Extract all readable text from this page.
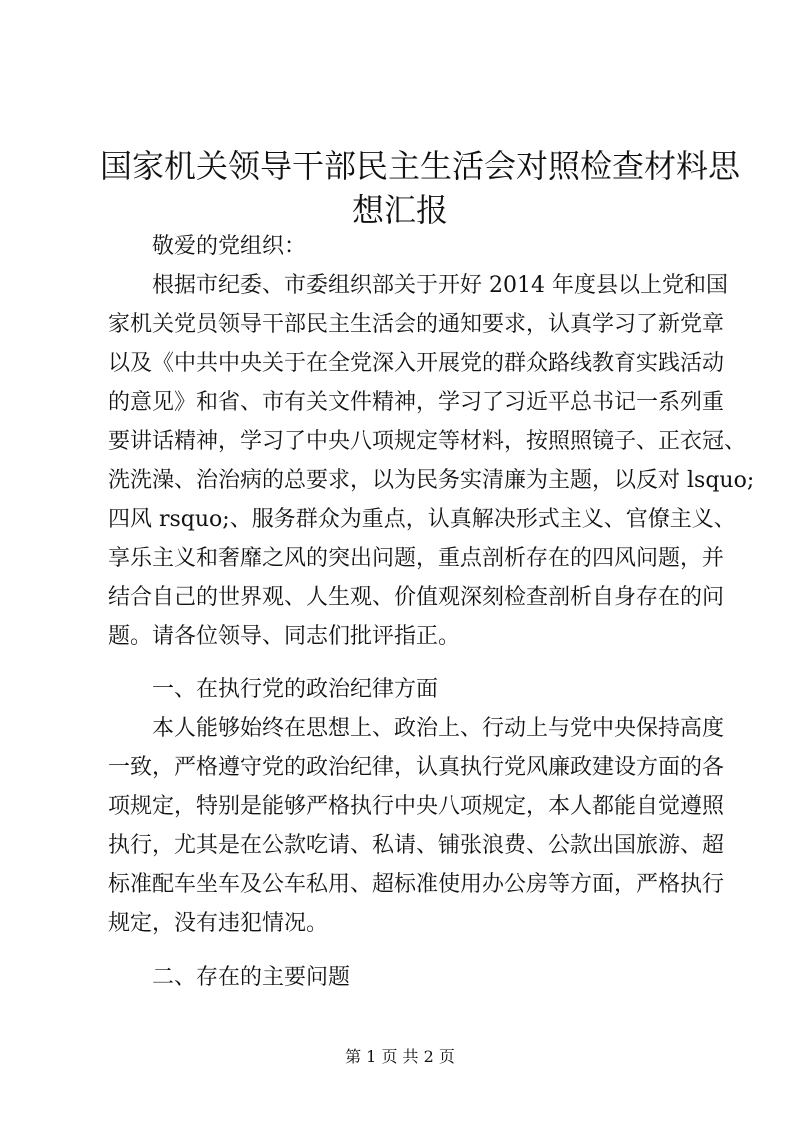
国家机关领导干部民主生活会对照检查材料思
想汇报

敬爱的党组织：

根据市纪委、市委组织部关于开好 2014 年度县以上党和国

家机关党员领导干部民主生活会的通知要求，认真学习了新党章

以及《中共中央关于在全党深入开展党的群众路线教育实践活动

的意见》和省、市有关文件精神，学习了习近平总书记一系列重

要讲话精神，学习了中央八项规定等材料，按照照镜子、正衣冠、

洗洗澡、治治病的总要求，以为民务实清廉为主题，以反对 lsquo;

四风 rsquo;、服务群众为重点，认真解决形式主义、官僚主义、

享乐主义和奢靡之风的突出问题，重点剖析存在的四风问题，并

结合自己的世界观、人生观、价值观深刻检查剖析自身存在的问

题。请各位领导、同志们批评指正。

一、在执行党的政治纪律方面

本人能够始终在思想上、政治上、行动上与党中央保持高度

一致，严格遵守党的政治纪律，认真执行党风廉政建设方面的各

项规定，特别是能够严格执行中央八项规定，本人都能自觉遵照

执行，尤其是在公款吃请、私请、铺张浪费、公款出国旅游、超

标准配车坐车及公车私用、超标准使用办公房等方面，严格执行

规定，没有违犯情况。

二、存在的主要问题

第 1 页 共 2 页
